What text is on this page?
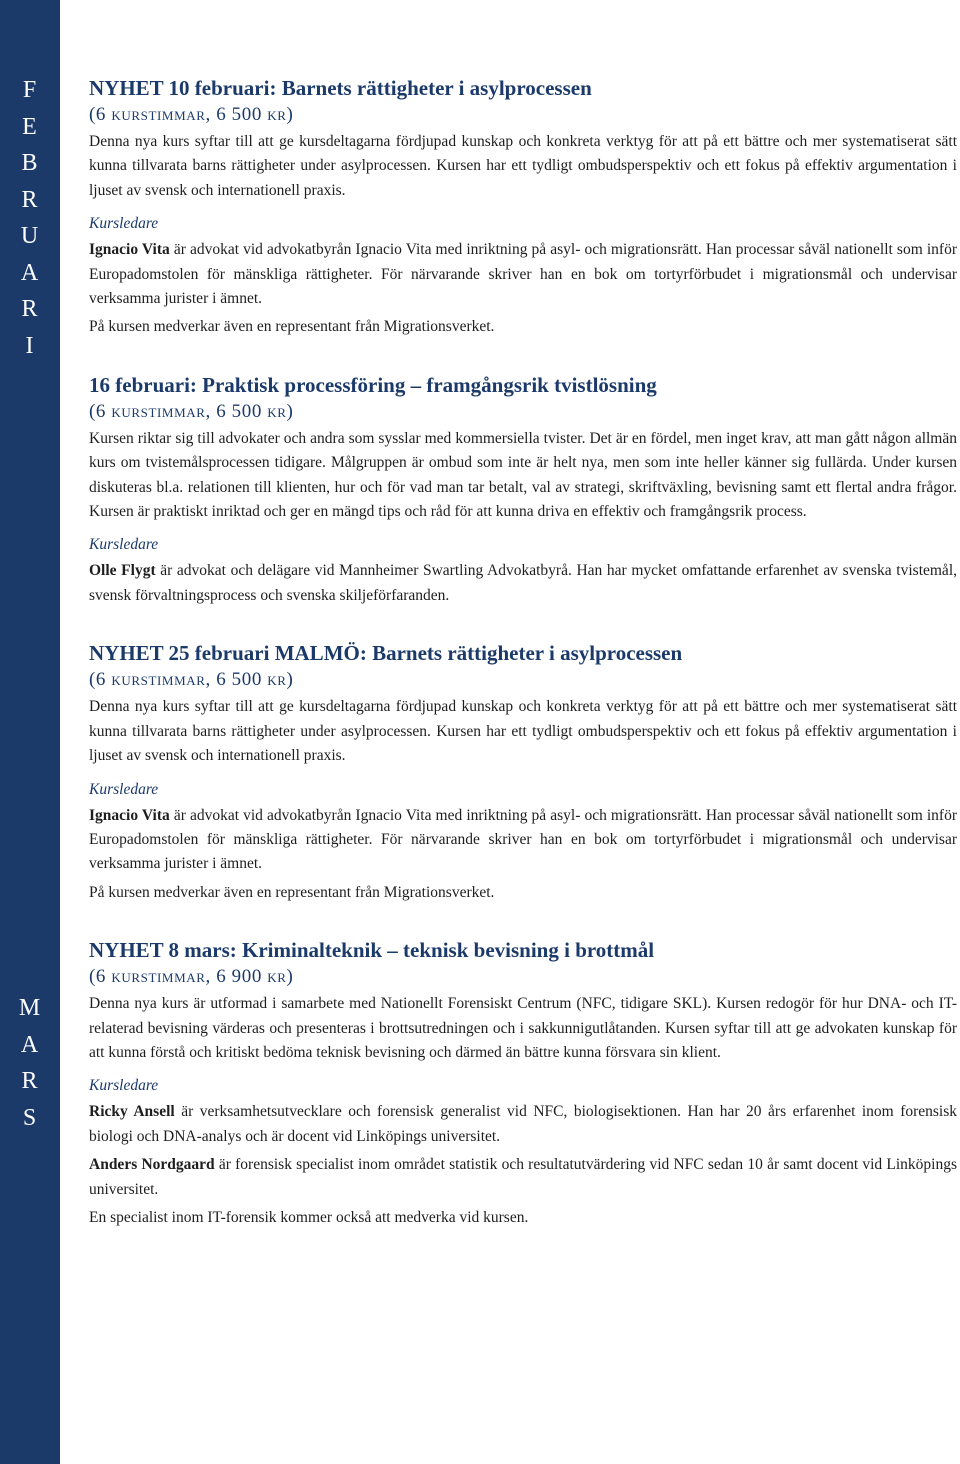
F
E
B
R
U
A
R
I
M
A
R
S
NYHET 10 februari: Barnets rättigheter i asylprocessen
(6 kurstimmar, 6 500 kr)

Denna nya kurs syftar till att ge kursdeltagarna fördjupad kunskap och konkreta verktyg för att på ett bättre och mer systematiserat sätt kunna tillvarata barns rättigheter under asylprocessen. Kursen har ett tydligt ombudsperspektiv och ett fokus på effektiv argumentation i ljuset av svensk och internationell praxis.

Kursledare

Ignacio Vita är advokat vid advokatbyrån Ignacio Vita med inriktning på asyl- och migrationsrätt. Han processar såväl nationellt som inför Europadomstolen för mänskliga rättigheter. För närvarande skriver han en bok om tortyrförbudet i migrationsmål och undervisar verksamma jurister i ämnet.

På kursen medverkar även en representant från Migrationsverket.

16 februari: Praktisk processföring – framgångsrik tvistlösning
(6 kurstimmar, 6 500 kr)

Kursen riktar sig till advokater och andra som sysslar med kommersiella tvister. Det är en fördel, men inget krav, att man gått någon allmän kurs om tvistemålsprocessen tidigare. Målgruppen är ombud som inte är helt nya, men som inte heller känner sig fullärda. Under kursen diskuteras bl.a. relationen till klienten, hur och för vad man tar betalt, val av strategi, skriftväxling, bevisning samt ett flertal andra frågor. Kursen är praktiskt inriktad och ger en mängd tips och råd för att kunna driva en effektiv och framgångsrik process.

Kursledare

Olle Flygt är advokat och delägare vid Mannheimer Swartling Advokatbyrå. Han har mycket omfattande erfarenhet av svenska tvistemål, svensk förvaltningsprocess och svenska skiljeförfaranden.

NYHET 25 februari MALMÖ: Barnets rättigheter i asylprocessen
(6 kurstimmar, 6 500 kr)

Denna nya kurs syftar till att ge kursdeltagarna fördjupad kunskap och konkreta verktyg för att på ett bättre och mer systematiserat sätt kunna tillvarata barns rättigheter under asylprocessen. Kursen har ett tydligt ombudsperspektiv och ett fokus på effektiv argumentation i ljuset av svensk och internationell praxis.

Kursledare

Ignacio Vita är advokat vid advokatbyrån Ignacio Vita med inriktning på asyl- och migrationsrätt. Han processar såväl nationellt som inför Europadomstolen för mänskliga rättigheter. För närvarande skriver han en bok om tortyrförbudet i migrationsmål och undervisar verksamma jurister i ämnet.

På kursen medverkar även en representant från Migrationsverket.

NYHET 8 mars: Kriminalteknik – teknisk bevisning i brottmål
(6 kurstimmar, 6 900 kr)

Denna nya kurs är utformad i samarbete med Nationellt Forensiskt Centrum (NFC, tidigare SKL). Kursen redogör för hur DNA- och IT-relaterad bevisning värderas och presenteras i brottsutredningen och i sakkunnigutlåtanden. Kursen syftar till att ge advokaten kunskap för att kunna förstå och kritiskt bedöma teknisk bevisning och därmed än bättre kunna försvara sin klient.

Kursledare

Ricky Ansell är verksamhetsutvecklare och forensisk generalist vid NFC, biologisektionen. Han har 20 års erfarenhet inom forensisk biologi och DNA-analys och är docent vid Linköpings universitet.

Anders Nordgaard är forensisk specialist inom området statistik och resultatutvärdering vid NFC sedan 10 år samt docent vid Linköpings universitet.

En specialist inom IT-forensik kommer också att medverka vid kursen.
